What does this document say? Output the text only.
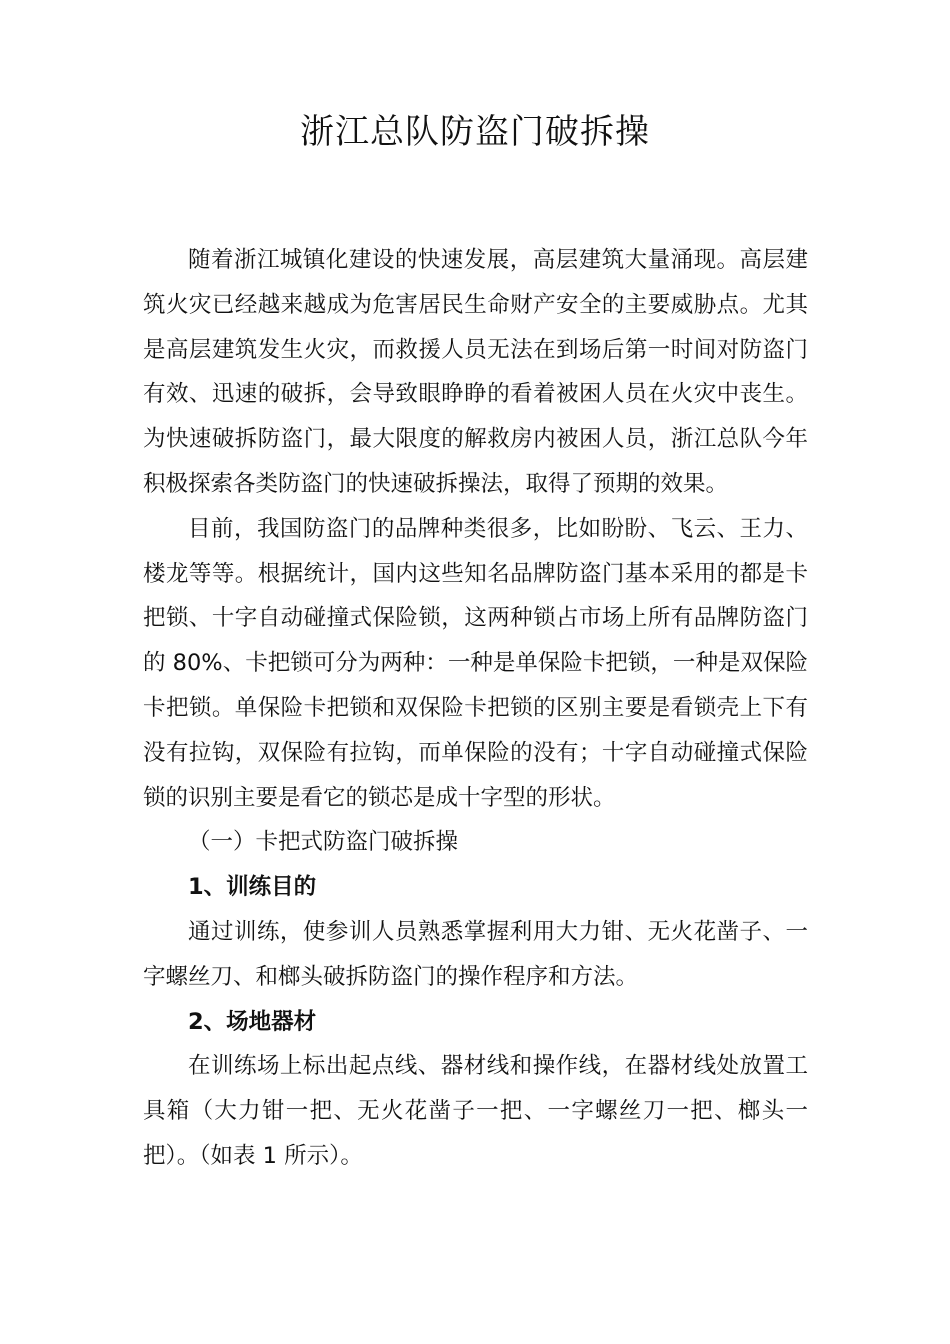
浙江总队防盗门破拆操

随着浙江城镇化建设的快速发展，高层建筑大量涌现。高层建筑火灾已经越来越成为危害居民生命财产安全的主要威胁点。尤其是高层建筑发生火灾，而救援人员无法在到场后第一时间对防盗门有效、迅速的破拆，会导致眼睁睁的看着被困人员在火灾中丧生。为快速破拆防盗门，最大限度的解救房内被困人员，浙江总队今年积极探索各类防盗门的快速破拆操法，取得了预期的效果。

目前，我国防盗门的品牌种类很多，比如盼盼、飞云、王力、楼龙等等。根据统计，国内这些知名品牌防盗门基本采用的都是卡把锁、十字自动碰撞式保险锁，这两种锁占市场上所有品牌防盗门的 80%、卡把锁可分为两种：一种是单保险卡把锁，一种是双保险卡把锁。单保险卡把锁和双保险卡把锁的区别主要是看锁壳上下有没有拉钩，双保险有拉钩，而单保险的没有；十字自动碰撞式保险锁的识别主要是看它的锁芯是成十字型的形状。

（一）卡把式防盗门破拆操

1、训练目的

通过训练，使参训人员熟悉掌握利用大力钳、无火花凿子、一字螺丝刀、和榔头破拆防盗门的操作程序和方法。

2、场地器材

在训练场上标出起点线、器材线和操作线，在器材线处放置工具箱（大力钳一把、无火花凿子一把、一字螺丝刀一把、榔头一把）。（如表 1 所示）。
